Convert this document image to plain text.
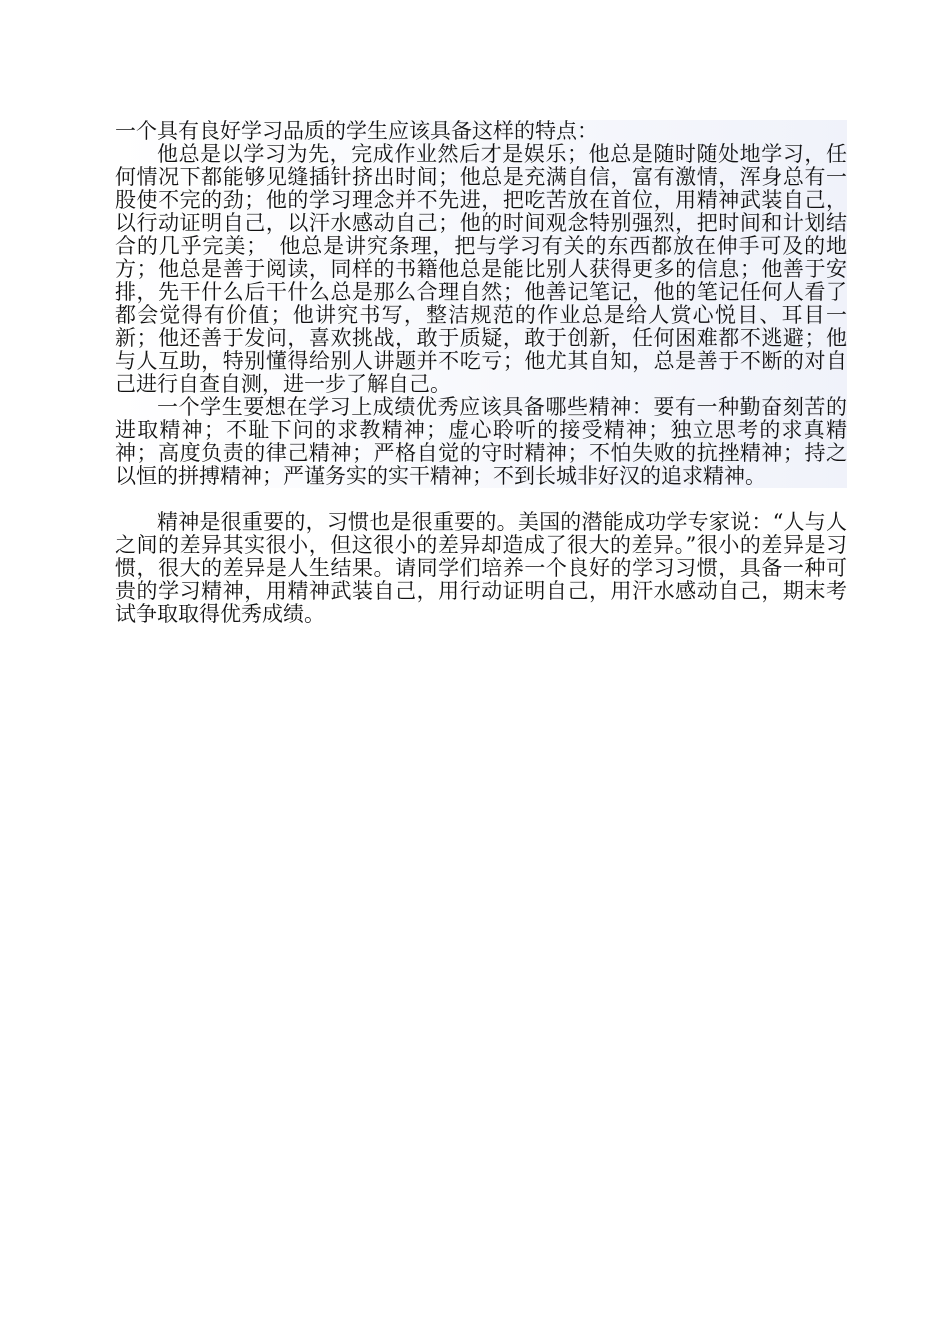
一个具有良好学习品质的学生应该具备这样的特点：

他总是以学习为先，完成作业然后才是娱乐；他总是随时随处地学习，任何情况下都能够见缝插针挤出时间；他总是充满自信，富有激情，浑身总有一股使不完的劲；他的学习理念并不先进，把吃苦放在首位，用精神武装自己，以行动证明自己，以汗水感动自己；他的时间观念特别强烈，把时间和计划结合的几乎完美；　他总是讲究条理，把与学习有关的东西都放在伸手可及的地方；他总是善于阅读，同样的书籍他总是能比别人获得更多的信息；他善于安排，先干什么后干什么总是那么合理自然；他善记笔记，他的笔记任何人看了都会觉得有价值；他讲究书写，整洁规范的作业总是给人赏心悦目、耳目一新；他还善于发问，喜欢挑战，敢于质疑，敢于创新，任何困难都不逃避；他与人互助，特别懂得给别人讲题并不吃亏；他尤其自知，总是善于不断的对自己进行自查自测，进一步了解自己。

一个学生要想在学习上成绩优秀应该具备哪些精神：要有一种勤奋刻苦的进取精神；不耻下问的求教精神；虚心聆听的接受精神；独立思考的求真精神；高度负责的律己精神；严格自觉的守时精神；不怕失败的抗挫精神；持之以恒的拼搏精神；严谨务实的实干精神；不到长城非好汉的追求精神。

精神是很重要的，习惯也是很重要的。美国的潜能成功学专家说：“人与人之间的差异其实很小，但这很小的差异却造成了很大的差异。”很小的差异是习惯，很大的差异是人生结果。请同学们培养一个良好的学习习惯，具备一种可贵的学习精神，用精神武装自己，用行动证明自己，用汗水感动自己，期末考试争取取得优秀成绩。
